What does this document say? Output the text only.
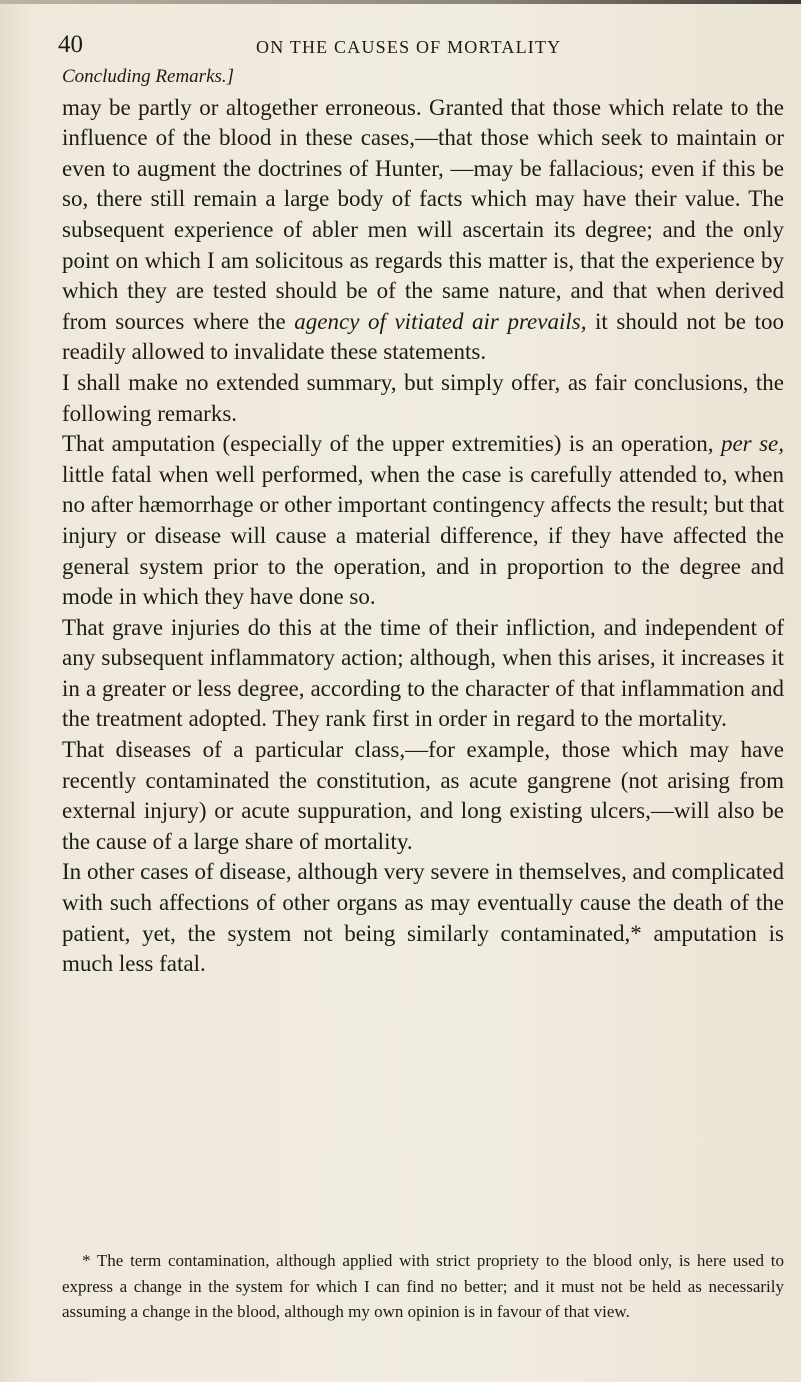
40	ON THE CAUSES OF MORTALITY

Concluding Remarks.]
may be partly or altogether erroneous. Granted that those which relate to the influence of the blood in these cases,—that those which seek to maintain or even to augment the doctrines of Hunter, —may be fallacious; even if this be so, there still remain a large body of facts which may have their value. The subsequent experience of abler men will ascertain its degree; and the only point on which I am solicitous as regards this matter is, that the experience by which they are tested should be of the same nature, and that when derived from sources where the agency of vitiated air prevails, it should not be too readily allowed to invalidate these statements.

I shall make no extended summary, but simply offer, as fair conclusions, the following remarks.

That amputation (especially of the upper extremities) is an operation, per se, little fatal when well performed, when the case is carefully attended to, when no after hæmorrhage or other important contingency affects the result; but that injury or disease will cause a material difference, if they have affected the general system prior to the operation, and in proportion to the degree and mode in which they have done so.

That grave injuries do this at the time of their infliction, and independent of any subsequent inflammatory action; although, when this arises, it increases it in a greater or less degree, according to the character of that inflammation and the treatment adopted. They rank first in order in regard to the mortality.

That diseases of a particular class,—for example, those which may have recently contaminated the constitution, as acute gangrene (not arising from external injury) or acute suppuration, and long existing ulcers,—will also be the cause of a large share of mortality.

In other cases of disease, although very severe in themselves, and complicated with such affections of other organs as may eventually cause the death of the patient, yet, the system not being similarly contaminated,* amputation is much less fatal.

* The term contamination, although applied with strict propriety to the blood only, is here used to express a change in the system for which I can find no better; and it must not be held as necessarily assuming a change in the blood, although my own opinion is in favour of that view.
